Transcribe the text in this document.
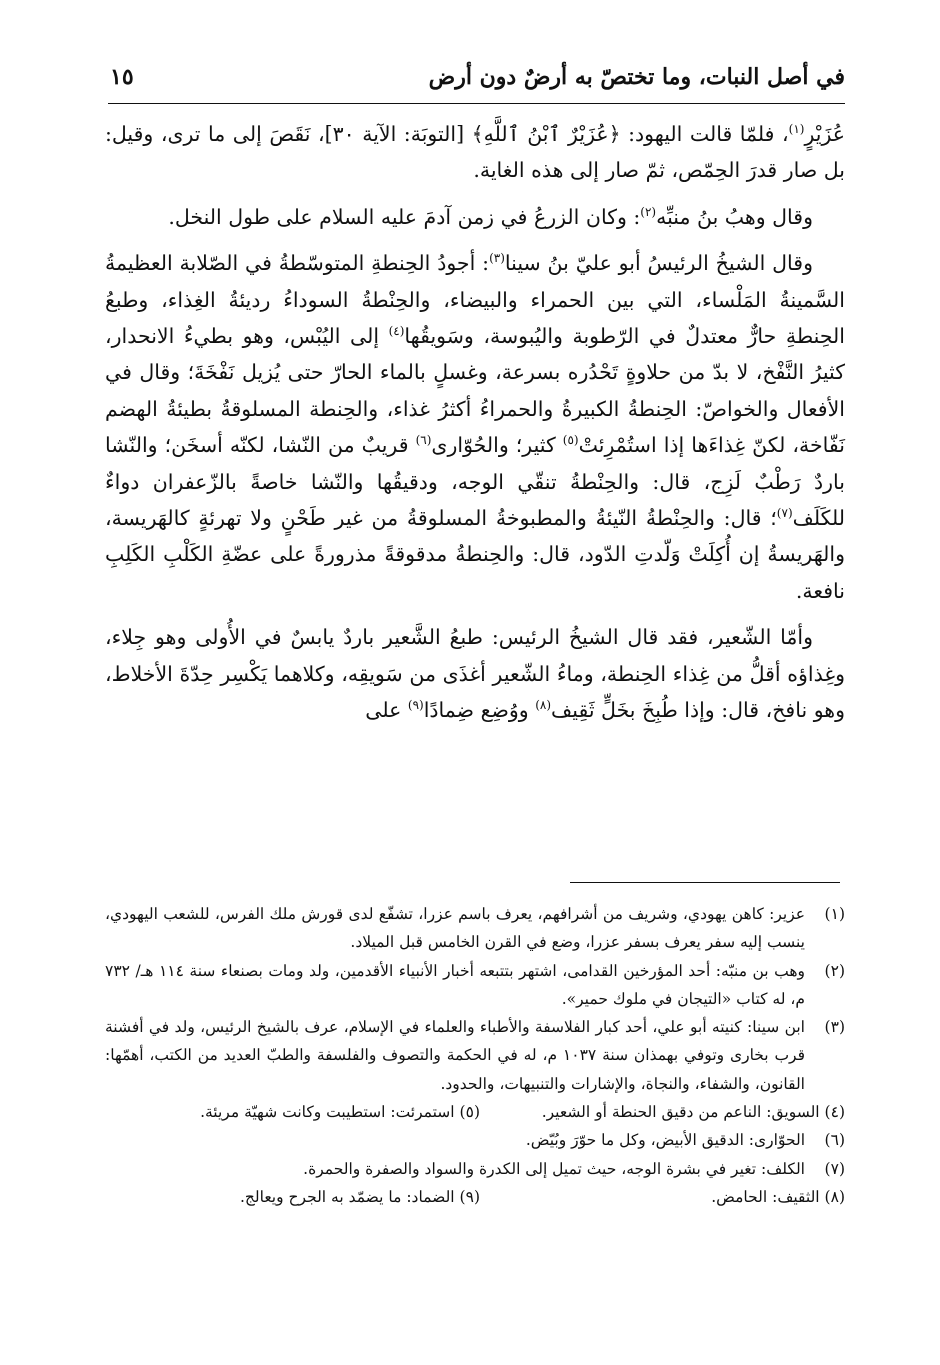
في أصل النبات، وما تختصّ به أرضٌ دون أرض
١٥

عُزَيْرٍ$^{(١)}$، فلمّا قالت اليهود: ﴿عُزَيْرٌ ٱبْنُ ٱللَّهِ﴾ [التوبَة: الآية ٣٠]، نَقَصَ إلى ما ترى، وقيل: بل صار قدرَ الحِمّص، ثمّ صار إلى هذه الغاية.

وقال وهبُ بنُ منبِّه$^{(٢)}$: وكان الزرعُ في زمن آدمَ عليه السلام على طول النخل.

وقال الشيخُ الرئيسُ أبو عليّ بنُ سينا$^{(٣)}$: أجودُ الحِنطةِ المتوسّطةُ في الصّلابة العظيمةُ السَّمينةُ المَلْساء، التي بين الحمراء والبيضاء، والحِنْطةُ السوداءُ رديئةُ الغِذاء، وطبعُ الحِنطةِ حارٌّ معتدلٌ في الرّطوبة واليُبوسة، وسَويقُها$^{(٤)}$ إلى اليُبْس، وهو بطيءُ الانحدار، كثيرُ النَّفْخ، لا بدّ من حلاوةٍ تَحْدُره بسرعة، وغسلٍ بالماء الحارّ حتى يُزيل نَفْخَةَ؛ وقال في الأفعال والخواصّ: الحِنطةُ الكبيرةُ والحمراءُ أكثرُ غذاء، والحِنطة المسلوقةُ بطيئةُ الهضم نَفّاخة، لكنّ غِذاءَها إذا استُمْرِئتْ$^{(٥)}$ كثير؛ والحُوّارى$^{(٦)}$ قريبٌ من النّشا، لكنّه أسخَن؛ والنّشا باردٌ رَطْبٌ لَزِج، قال: والحِنْطةُ تنقّي الوجه، ودقيقُها والنّشا خاصةً بالزّعفران دواءٌ للكَلَف$^{(٧)}$؛ قال: والحِنْطةُ النّيئةُ والمطبوخةُ المسلوقةُ من غير طَحْنٍ ولا تهرئةٍ كالهَريسة، والهَريسةُ إن أُكِلَتْ وَلّدتِ الدّود، قال: والحِنطةُ مدقوقةً مذرورةً على عضّةِ الكَلْبِ الكَلِبِ نافعة.

وأمّا الشّعير، فقد قال الشيخُ الرئيس: طبعُ الشَّعير باردٌ يابسٌ في الأُولى وهو جِلاء، وغِذاؤه أقلُّ من غِذاء الحِنطة، وماءُ الشّعير أغذَى من سَويقِه، وكلاهما يَكْسِر حِدّةَ الأخلاط، وهو نافخ، قال: وإذا طُبِخَ بخَلٍّ ثَقِيف$^{(٨)}$ ووُضِع ضِمادًا$^{(٩)}$ على

(١)
عزير: كاهن يهودي، وشريف من أشرافهم، يعرف باسم عزرا، تشفّع لدى قورش ملك الفرس، للشعب اليهودي، ينسب إليه سفر يعرف بسفر عزرا، وضع في القرن الخامس قبل الميلاد.

(٢)
وهب بن منبّه: أحد المؤرخين القدامى، اشتهر بتتبعه أخبار الأنبياء الأقدمين، ولد ومات بصنعاء سنة ١١٤ هـ/ ٧٣٢ م، له كتاب «التيجان في ملوك حمير».

(٣)
ابن سينا: كنيته أبو علي، أحد كبار الفلاسفة والأطباء والعلماء في الإسلام، عرف بالشيخ الرئيس، ولد في أفشنة قرب بخارى وتوفي بهمذان سنة ١٠٣٧ م، له في الحكمة والتصوف والفلسفة والطبّ العديد من الكتب، أهمّها: القانون، والشفاء، والنجاة، والإشارات والتنبيهات، والحدود.

(٤) السويق: الناعم من دقيق الحنطة أو الشعير.
(٥) استمرئت: استطيبت وكانت شهيّة مريئة.

(٦)
الحوّارى: الدقيق الأبيض، وكل ما حوّرَ وبُيّض.

(٧)
الكلف: تغير في بشرة الوجه، حيث تميل إلى الكدرة والسواد والصفرة والحمرة.

(٨) الثقيف: الحامض.
(٩) الضماد: ما يضمّد به الجرح ويعالج.
